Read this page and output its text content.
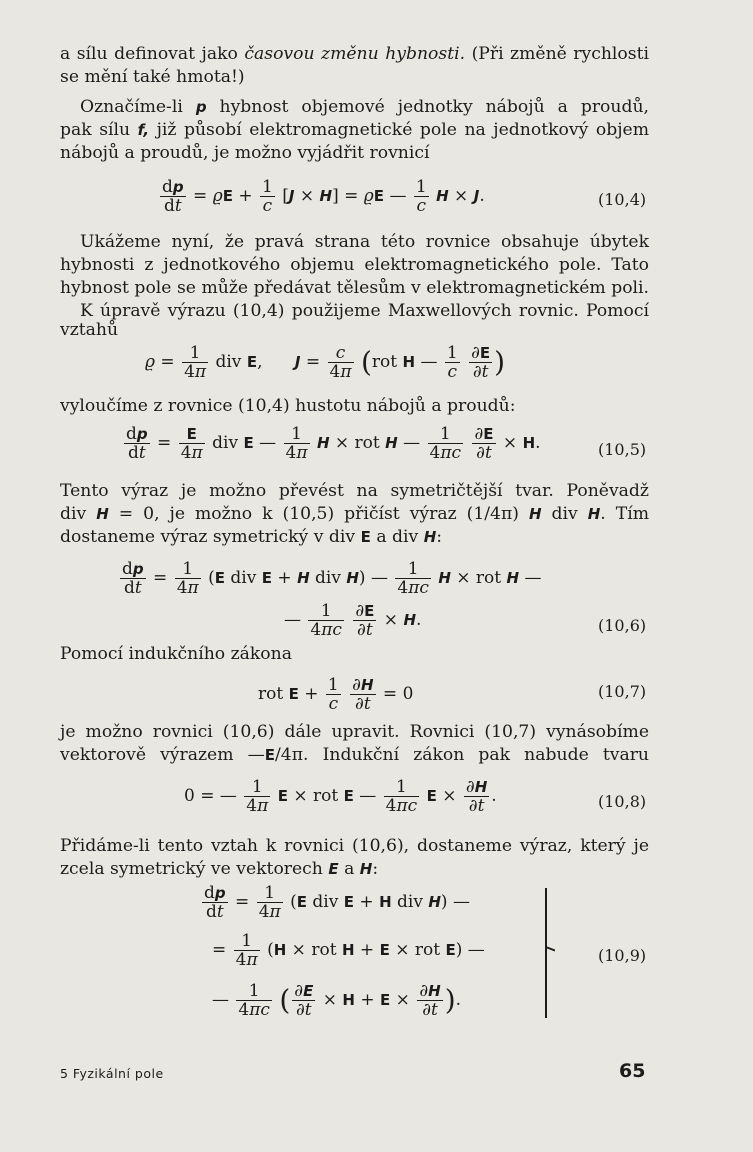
a sílu definovat jako časovou změnu hybnosti. (Při změně rychlosti
se mění také hmota!)
Označíme-li p hybnost objemové jednotky nábojů a proudů,
pak sílu f, již působí elektromagnetické pole na jednotkový objem
nábojů a proudů, je možno vyjádřit rovnicí
$\frac{dp}{dt} = ϱE + \frac{1}{c} [J \times H] = ϱE$ — $\frac{1}{c}$ H × J.	(10,4)
Ukážeme nyní, že pravá strana této rovnice obsahuje úbytek
hybnosti z jednotkového objemu elektromagnetického pole. Tato
hybnost pole se může předávat tělesům v elektromagnetickém poli.
K úpravě výrazu (10,4) použijeme Maxwellových rovnic. Pomocí
vztahů
$ϱ = \frac{1}{4\pi}$ div E,      $J = \frac{c}{4\pi} (rot$ H — $\frac{1}{c}$
$\frac{\partial E}{\partial t}$ )
vyloučíme z rovnice (10,4) hustotu nábojů a proudů:
$\frac{dp}{dt} = \frac{E}{4\pi}$ div E — $\frac{1}{4\pi}$ H × rot H — $\frac{1}{4\pi c}$
$\frac{\partial E}{\partial t} \times H$.	(10,5)
Tento výraz je možno převést na symetričtější tvar. Poněvadž
div H = 0, je možno k (10,5) přičíst výraz (1/4π) H div H. Tím
dostaneme výraz symetrický v div E a div H:
$\frac{dp}{dt} = \frac{1}{4\pi} (E$ div E + H div H) — $\frac{1}{4\pi c}$ H × rot H —
— $\frac{1}{4\pi c}$
$\frac{\partial E}{\partial t} \times H$.	(10,6)
Pomocí indukčního zákona
rot $E + \frac{1}{c}$
$\frac{\partial H}{\partial t} = 0$	(10,7)
je možno rovnici (10,6) dále upravit. Rovnici (10,7) vynásobíme
vektorově výrazem —E/4π. Indukční zákon pak nabude tvaru
0 = — $\frac{1}{4\pi}$ E × rot E — $\frac{1}{4\pi c}$ $E \times \frac{\partial H}{\partial t}$ .	(10,8)
Přidáme-li tento vztah k rovnici (10,6), dostaneme výraz, který je
zcela symetrický ve vektorech E a H:
$\frac{dp}{dt} = \frac{1}{4\pi} (E$ div E + H div H) —
= $\frac{1}{4\pi} (H$ × rot H + E × rot E) —
— $\frac{1}{4\pi c}$ ( $\frac{\partial E}{\partial t} \times H + E \times \frac{\partial H}{\partial t}$ ).
(10,9)
5 Fyzikální pole	65
